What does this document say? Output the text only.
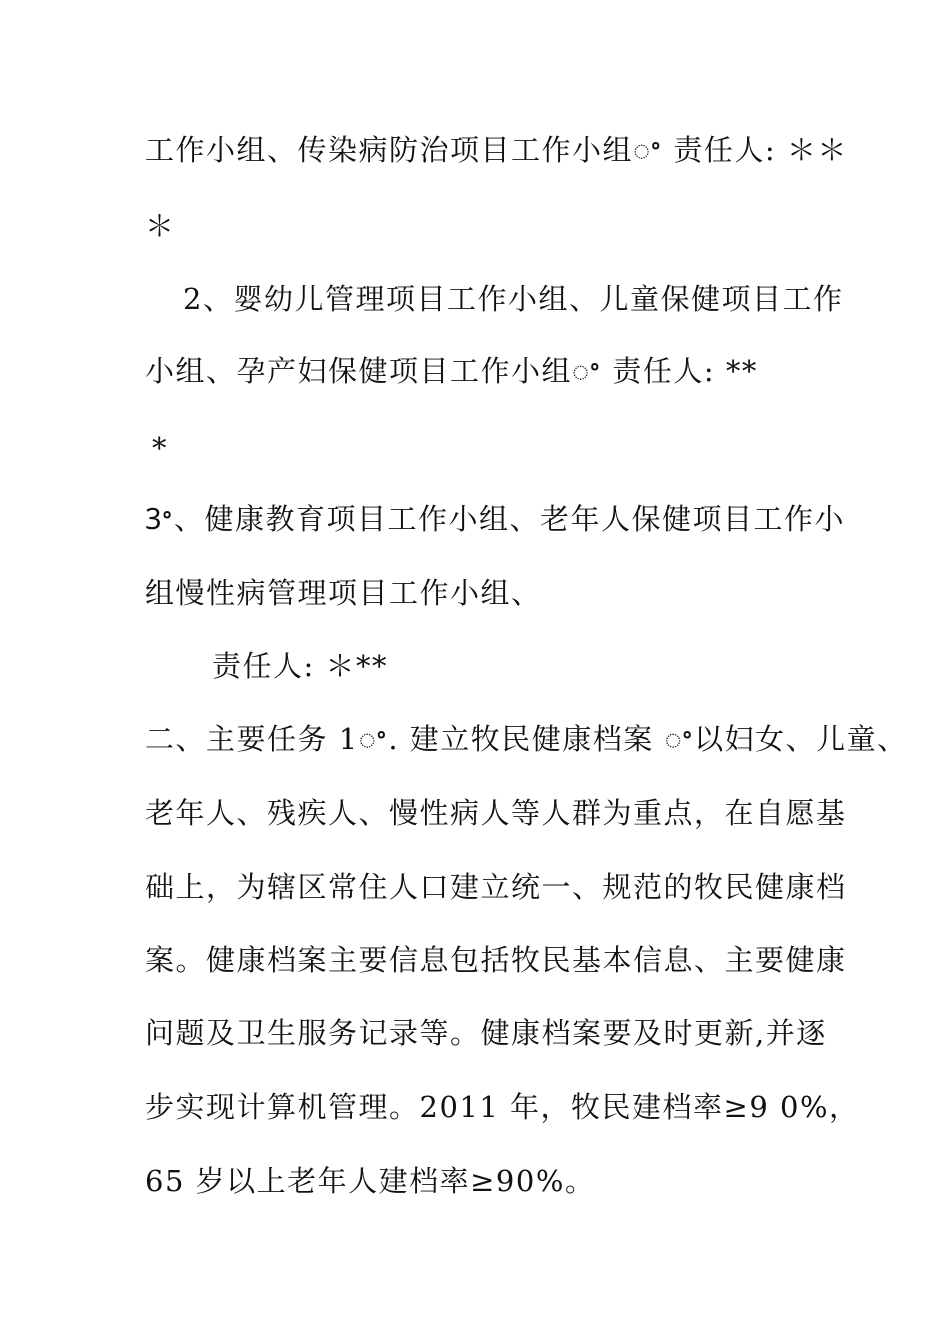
工作小组、传染病防治项目工作小组ꢀ 责任人: ＊＊
＊
2、婴幼儿管理项目工作小组、儿童保健项目工作
小组、孕产妇保健项目工作小组ꢀ 责任人: **
*
3ꢀ、健康教育项目工作小组、老年人保健项目工作小
组慢性病管理项目工作小组、
责任人: ＊**
二、主要任务 1ꢀ. 建立牧民健康档案 ꢀ以妇女、儿童、
老年人、残疾人、慢性病人等人群为重点，在自愿基
础上，为辖区常住人口建立统一、规范的牧民健康档
案。健康档案主要信息包括牧民基本信息、主要健康
问题及卫生服务记录等。健康档案要及时更新,并逐
步实现计算机管理。2011 年，牧民建档率≥9 0%，
65 岁以上老年人建档率≥90%。
